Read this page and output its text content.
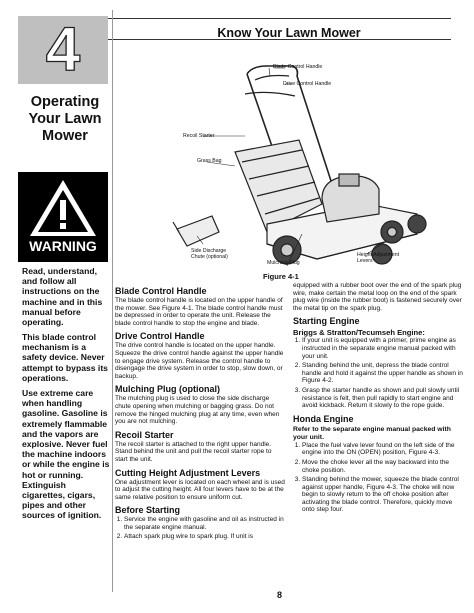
4
Operating
Your Lawn
Mower
WARNING
Read, understand, and follow all instructions on the machine and in this manual before operating.
This blade control mechanism is a safety device. Never attempt to bypass its operations.
Use extreme care when handling gasoline. Gasoline is extremely flammable and the vapors are explosive. Never fuel the machine indoors or while the engine is hot or running. Extinguish cigarettes, cigars, pipes and other sources of ignition.
Know Your Lawn Mower
Blade Control Handle
Drive Control Handle
Recoil Starter
Grass Bag
Side Discharge Chute (optional)
Mulching Plug
Height Adjustment Levers
Figure 4-1
Blade Control Handle

The blade control handle is located on the upper handle of the mower. See Figure 4-1. The blade control handle must be depressed in order to operate the unit. Release the blade control handle to stop the engine and blade.

Drive Control Handle

The drive control handle is located on the upper handle. Squeeze the drive control handle against the upper handle to engage drive system. Release the control handle to disengage the drive system in order to stop, slow down, or backup.

Mulching Plug (optional)

The mulching plug is used to close the side discharge chute opening when mulching or bagging grass. Do not remove the hinged mulching plug at any time, even when you are not mulching.

Recoil Starter

The recoil starter is attached to the right upper handle. Stand behind the unit and pull the recoil starter rope to start the unit.

Cutting Height Adjustment Levers

One adjustment lever is located on each wheel and is used to adjust the cutting height. All four levers have to be at the same relative position to ensure uniform cut.

Before Starting
1. Service the engine with gasoline and oil as instructed in the separate engine manual.
2. Attach spark plug wire to spark plug. If unit is

equipped with a rubber boot over the end of the spark plug wire, make certain the metal loop on the end of the spark plug wire (inside the rubber boot) is fastened securely over the metal tip on the spark plug.

Starting Engine
Briggs & Stratton/Tecumseh Engine:
1. If your unit is equipped with a primer, prime engine as instructed in the separate engine manual packed with your unit.
2. Standing behind the unit, depress the blade control handle and hold it against the upper handle as shown in Figure 4-2.
3. Grasp the starter handle as shown and pull slowly until resistance is felt, then pull rapidly to start engine and avoid kickback. Return it slowly to the rope guide.
Honda Engine
Refer to the separate engine manual packed with your unit.
1. Place the fuel valve lever found on the left side of the engine into the ON (OPEN) position, Figure 4-3.
2. Move the choke lever all the way backward into the choke position.
3. Standing behind the mower, squeeze the blade control against upper handle, Figure 4-3. The choke will now begin to slowly return to the off choke position after activating the blade control. Therefore, quickly move onto step four.
8
